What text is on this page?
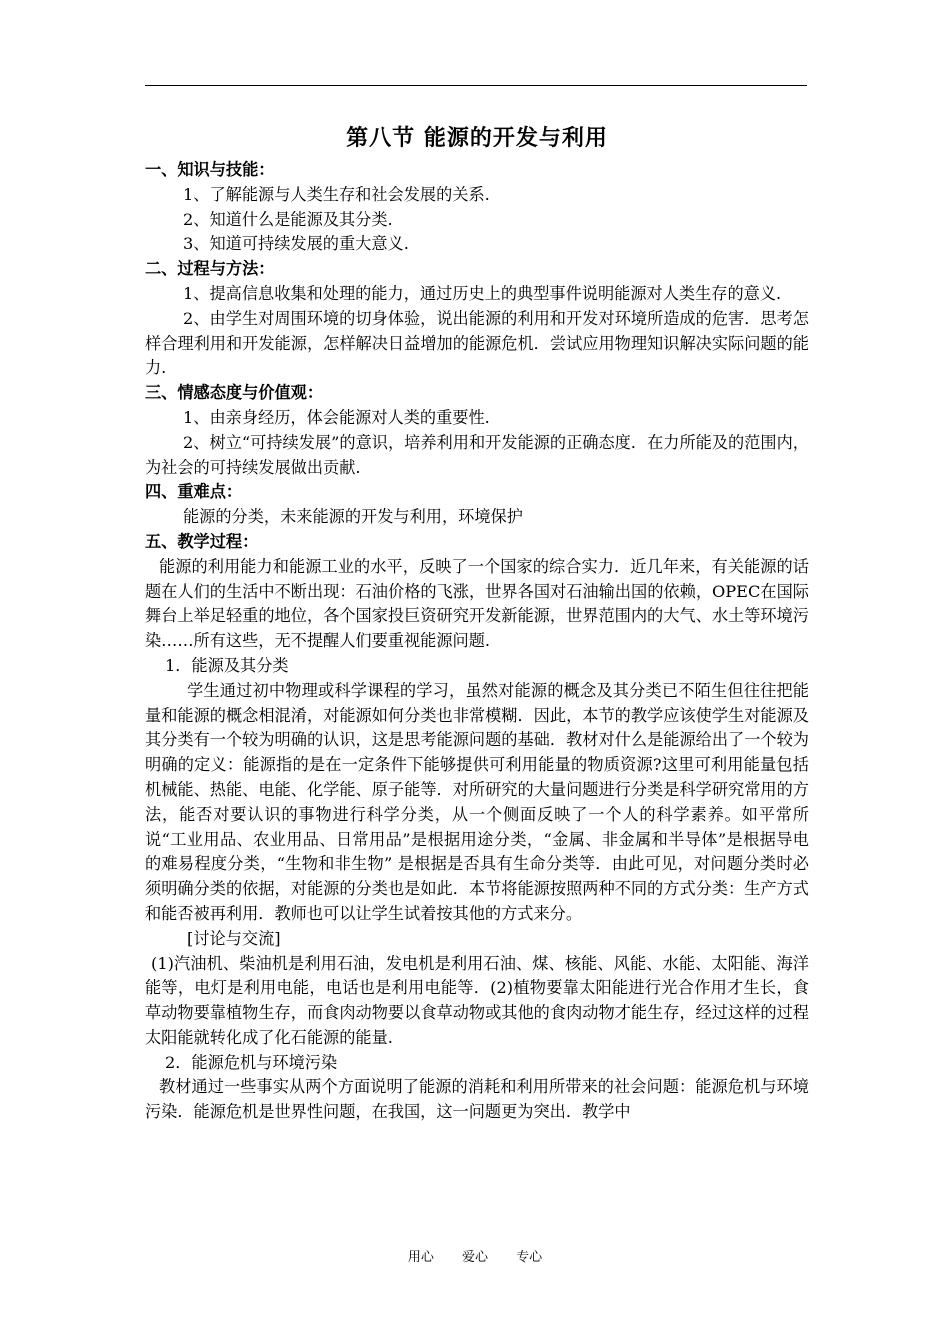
第八节 能源的开发与利用

一、知识与技能：

1、了解能源与人类生存和社会发展的关系.

2、知道什么是能源及其分类.

3、知道可持续发展的重大意义.

二、过程与方法：

1、提高信息收集和处理的能力，通过历史上的典型事件说明能源对人类生存的意义.

2、由学生对周围环境的切身体验，说出能源的利用和开发对环境所造成的危害．思考怎样合理利用和开发能源，怎样解决日益增加的能源危机．尝试应用物理知识解决实际问题的能力.

三、情感态度与价值观：

1、由亲身经历，体会能源对人类的重要性.

2、树立“可持续发展”的意识，培养利用和开发能源的正确态度．在力所能及的范围内，为社会的可持续发展做出贡献.

四、重难点：

能源的分类，未来能源的开发与利用，环境保护

五、教学过程：

能源的利用能力和能源工业的水平，反映了一个国家的综合实力．近几年来，有关能源的话题在人们的生活中不断出现：石油价格的飞涨，世界各国对石油输出国的依赖，OPEC在国际舞台上举足轻重的地位，各个国家投巨资研究开发新能源，世界范围内的大气、水土等环境污染……所有这些，无不提醒人们要重视能源问题.

1．能源及其分类

学生通过初中物理或科学课程的学习，虽然对能源的概念及其分类已不陌生但往往把能量和能源的概念相混淆，对能源如何分类也非常模糊．因此，本节的教学应该使学生对能源及其分类有一个较为明确的认识，这是思考能源问题的基础．教材对什么是能源给出了一个较为明确的定义：能源指的是在一定条件下能够提供可利用能量的物质资源?这里可利用能量包括机械能、热能、电能、化学能、原子能等．对所研究的大量问题进行分类是科学研究常用的方法，能否对要认识的事物进行科学分类，从一个侧面反映了一个人的科学素养。如平常所说“工业用品、农业用品、日常用品”是根据用途分类，“金属、非金属和半导体”是根据导电的难易程度分类，“生物和非生物” 是根据是否具有生命分类等．由此可见，对问题分类时必须明确分类的依据，对能源的分类也是如此．本节将能源按照两种不同的方式分类：生产方式和能否被再利用．教师也可以让学生试着按其他的方式来分。

[讨论与交流]

(1)汽油机、柴油机是利用石油，发电机是利用石油、煤、核能、风能、水能、太阳能、海洋能等，电灯是利用电能，电话也是利用电能等．(2)植物要靠太阳能进行光合作用才生长，食草动物要靠植物生存，而食肉动物要以食草动物或其他的食肉动物才能生存，经过这样的过程太阳能就转化成了化石能源的能量.

2．能源危机与环境污染

教材通过一些事实从两个方面说明了能源的消耗和利用所带来的社会问题：能源危机与环境污染．能源危机是世界性问题，在我国，这一问题更为突出．教学中

用心 爱心 专心
